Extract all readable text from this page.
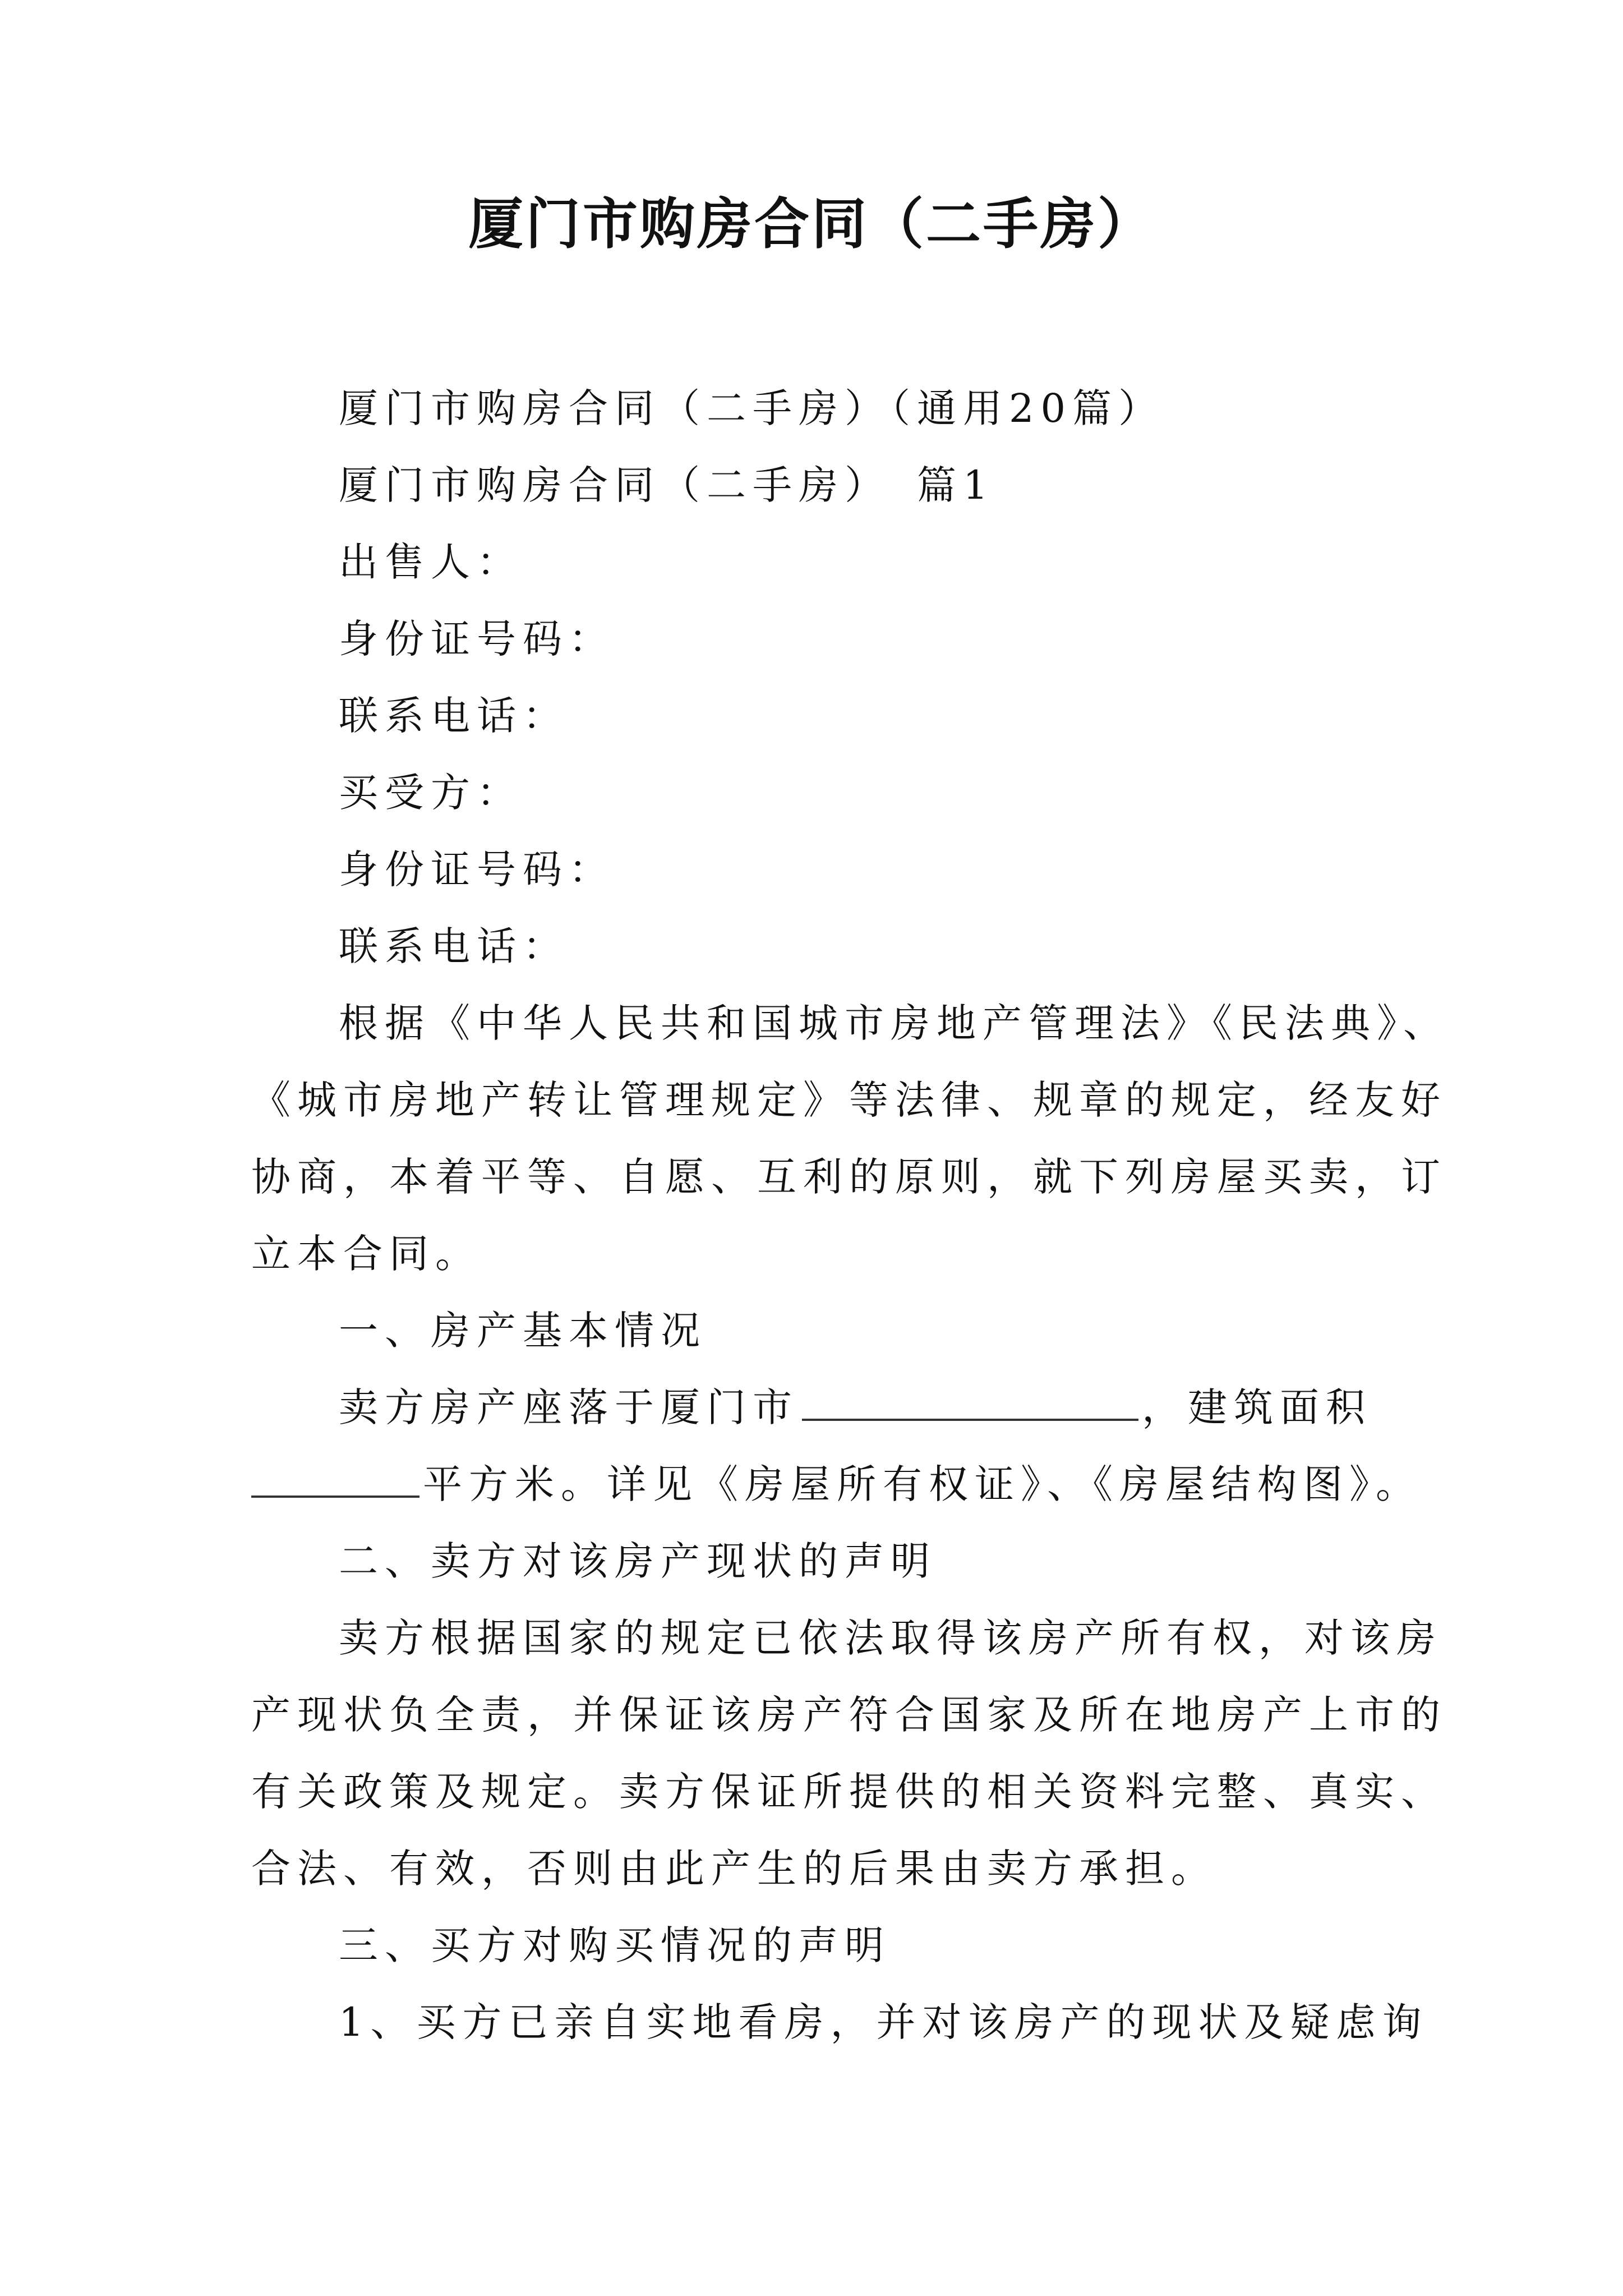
厦门市购房合同（二手房）

厦门市购房合同（二手房）（通用20篇）

厦门市购房合同（二手房）　篇1

出售人：

身份证号码：

联系电话：

买受方：

身份证号码：

联系电话：

根据《中华人民共和国城市房地产管理法》《民法典》、

《城市房地产转让管理规定》等法律、规章的规定，经友好

协商，本着平等、自愿、互利的原则，就下列房屋买卖，订

立本合同。

一、房产基本情况

卖方房产座落于厦门市	，建筑面积

平方米。详见《房屋所有权证》、《房屋结构图》。

二、卖方对该房产现状的声明

卖方根据国家的规定已依法取得该房产所有权，对该房

产现状负全责，并保证该房产符合国家及所在地房产上市的

有关政策及规定。卖方保证所提供的相关资料完整、真实、

合法、有效，否则由此产生的后果由卖方承担。

三、买方对购买情况的声明

1、买方已亲自实地看房，并对该房产的现状及疑虑询
